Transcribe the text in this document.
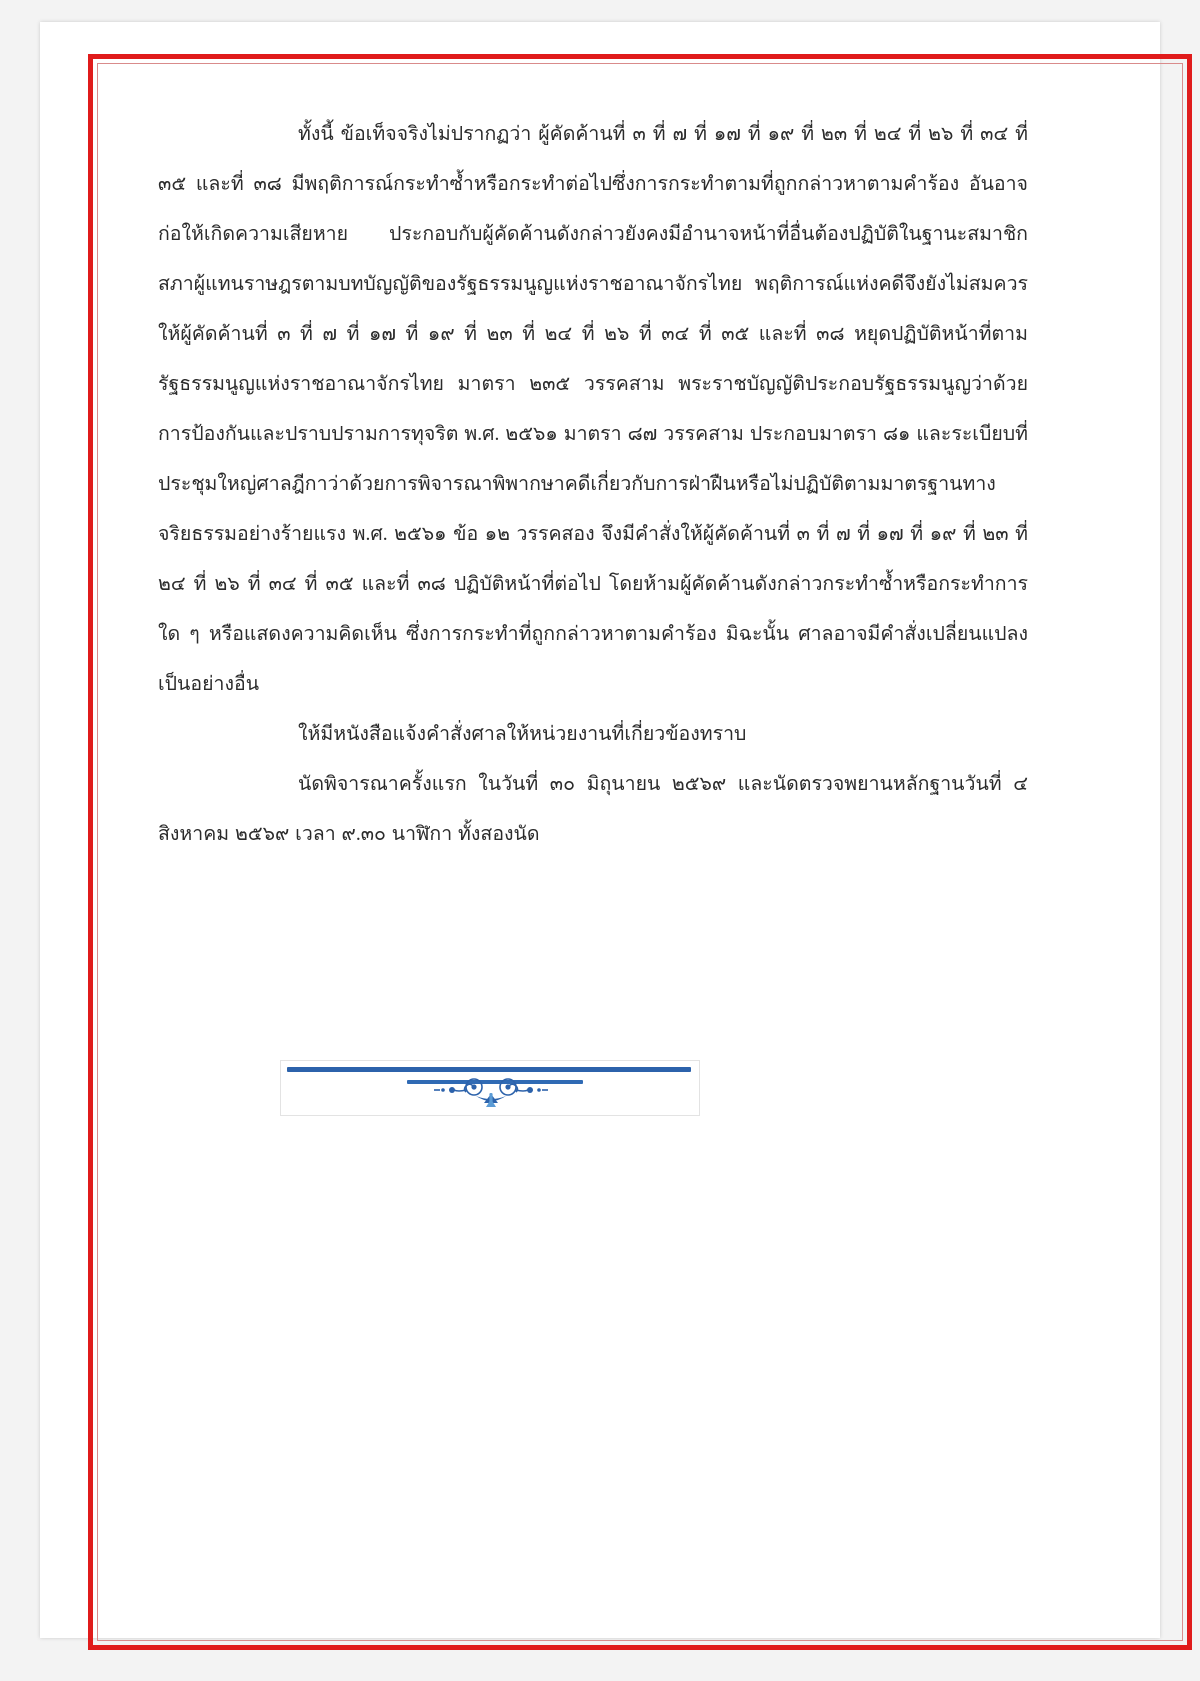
ทั้งนี้ ข้อเท็จจริงไม่ปรากฏว่า ผู้คัดค้านที่ ๓ ที่ ๗ ที่ ๑๗ ที่ ๑๙ ที่ ๒๓ ที่ ๒๔ ที่ ๒๖ ที่ ๓๔ ที่ ๓๕ และที่ ๓๘ มีพฤติการณ์กระทำซ้ำหรือกระทำต่อไปซึ่งการกระทำตามที่ถูกกล่าวหาตามคำร้อง อันอาจก่อให้เกิดความเสียหาย ประกอบกับผู้คัดค้านดังกล่าวยังคงมีอำนาจหน้าที่อื่นต้องปฏิบัติในฐานะสมาชิกสภาผู้แทนราษฎรตามบทบัญญัติของรัฐธรรมนูญแห่งราชอาณาจักรไทย พฤติการณ์แห่งคดีจึงยังไม่สมควรให้ผู้คัดค้านที่ ๓ ที่ ๗ ที่ ๑๗ ที่ ๑๙ ที่ ๒๓ ที่ ๒๔ ที่ ๒๖ ที่ ๓๔ ที่ ๓๕ และที่ ๓๘ หยุดปฏิบัติหน้าที่ตามรัฐธรรมนูญแห่งราชอาณาจักรไทย มาตรา ๒๓๕ วรรคสาม พระราชบัญญัติประกอบรัฐธรรมนูญว่าด้วยการป้องกันและปราบปรามการทุจริต พ.ศ. ๒๕๖๑ มาตรา ๘๗ วรรคสาม ประกอบมาตรา ๘๑ และระเบียบที่ประชุมใหญ่ศาลฎีกาว่าด้วยการพิจารณาพิพากษาคดีเกี่ยวกับการฝ่าฝืนหรือไม่ปฏิบัติตามมาตรฐานทางจริยธรรมอย่างร้ายแรง พ.ศ. ๒๕๖๑ ข้อ ๑๒ วรรคสอง จึงมีคำสั่งให้ผู้คัดค้านที่ ๓ ที่ ๗ ที่ ๑๗ ที่ ๑๙ ที่ ๒๓ ที่ ๒๔ ที่ ๒๖ ที่ ๓๔ ที่ ๓๕ และที่ ๓๘ ปฏิบัติหน้าที่ต่อไป โดยห้ามผู้คัดค้านดังกล่าวกระทำซ้ำหรือกระทำการใด ๆ หรือแสดงความคิดเห็น ซึ่งการกระทำที่ถูกกล่าวหาตามคำร้อง มิฉะนั้น ศาลอาจมีคำสั่งเปลี่ยนแปลงเป็นอย่างอื่น

ให้มีหนังสือแจ้งคำสั่งศาลให้หน่วยงานที่เกี่ยวข้องทราบ

นัดพิจารณาครั้งแรก ในวันที่ ๓๐ มิถุนายน ๒๕๖๙ และนัดตรวจพยานหลักฐานวันที่ ๔ สิงหาคม ๒๕๖๙ เวลา ๙.๓๐ นาฬิกา ทั้งสองนัด
